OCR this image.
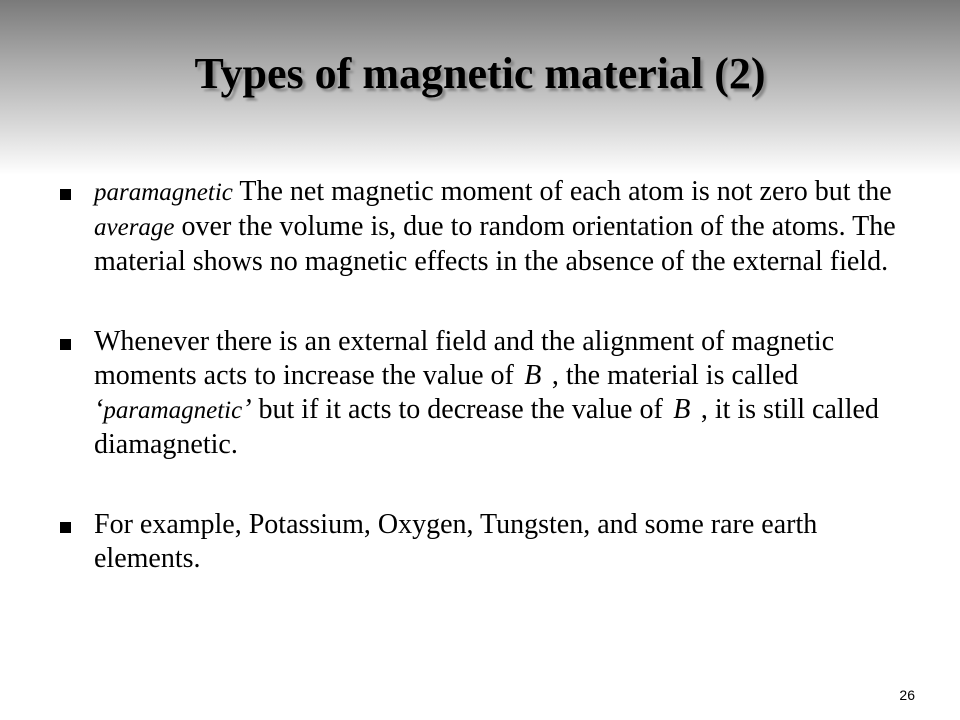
Types of magnetic material (2)
paramagnetic The net magnetic moment of each atom is not zero but the average over the volume is, due to random orientation of the atoms. The material shows no magnetic effects in the absence of the external field.
Whenever there is an external field and the alignment of magnetic moments acts to increase the value of B , the material is called ‘paramagnetic’ but if it acts to decrease the value of B , it is still called diamagnetic.
For example, Potassium, Oxygen, Tungsten, and some rare earth elements.
26
